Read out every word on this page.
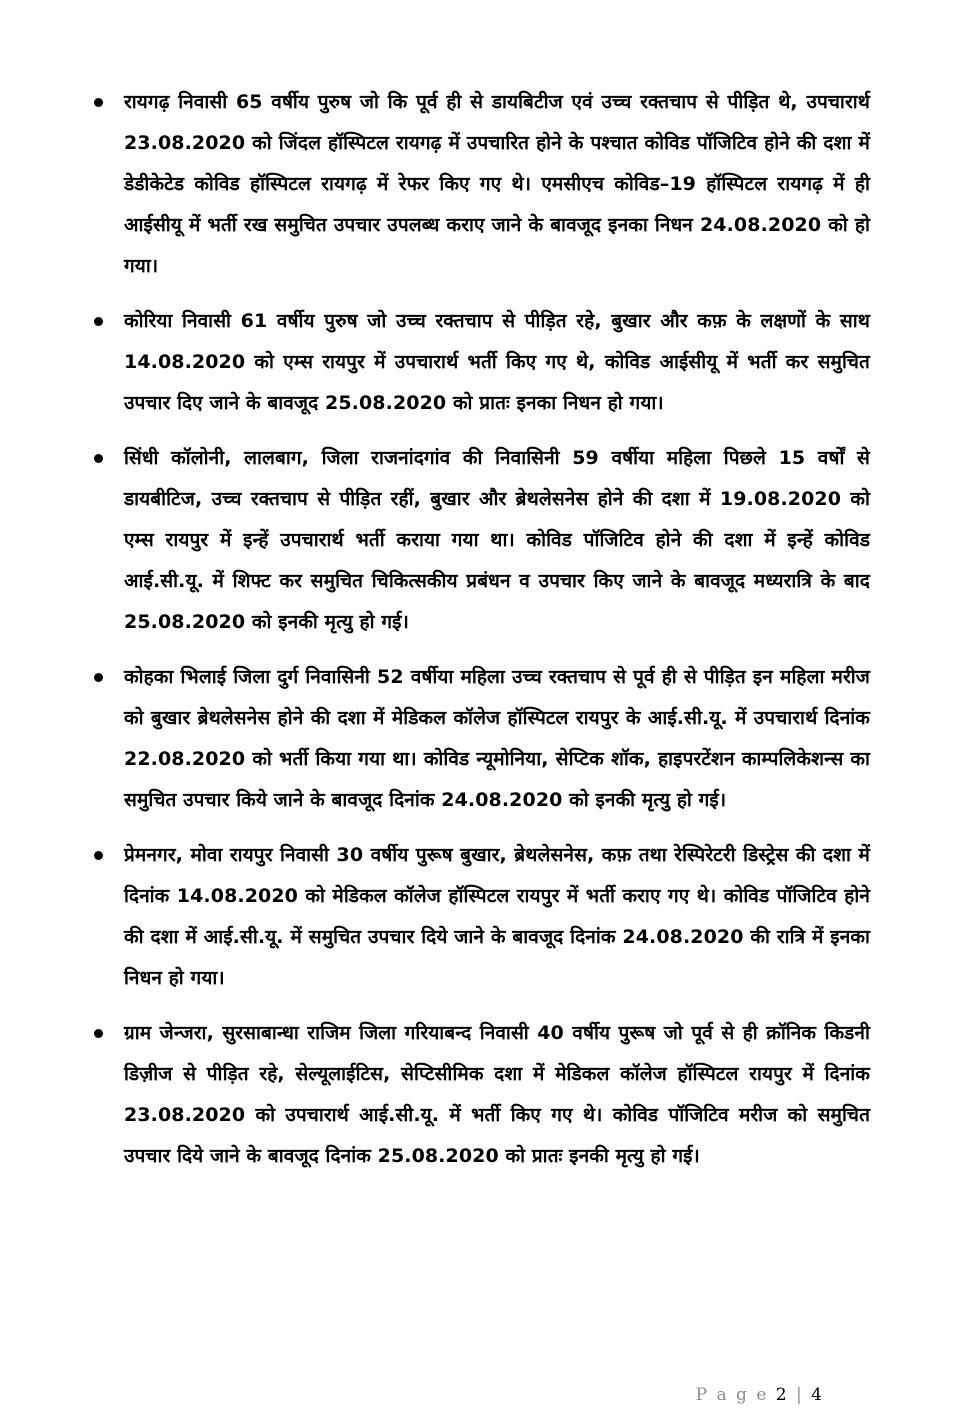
रायगढ़ निवासी 65 वर्षीय पुरुष जो कि पूर्व ही से डायबिटीज एवं उच्च रक्तचाप से पीड़ित थे, उपचारार्थ 23.08.2020 को जिंदल हॉस्पिटल रायगढ़ में उपचारित होने के पश्चात कोविड पॉजिटिव होने की दशा में डेडीकेटेड कोविड हॉस्पिटल रायगढ़ में रेफर किए गए थे। एमसीएच कोविड–19 हॉस्पिटल रायगढ़ में ही आईसीयू में भर्ती रख समुचित उपचार उपलब्ध कराए जाने के बावजूद इनका निधन 24.08.2020 को हो गया।
कोरिया निवासी 61 वर्षीय पुरुष जो उच्च रक्तचाप से पीड़ित रहे, बुखार और कफ़ के लक्षणों के साथ 14.08.2020 को एम्स रायपुर में उपचारार्थ भर्ती किए गए थे, कोविड आईसीयू में भर्ती कर समुचित उपचार दिए जाने के बावजूद 25.08.2020 को प्रातः इनका निधन हो गया।
सिंधी कॉलोनी, लालबाग, जिला राजनांदगांव की निवासिनी 59 वर्षीया महिला पिछले 15 वर्षों से डायबीटिज, उच्च रक्तचाप से पीड़ित रहीं, बुखार और ब्रेथलेसनेस होने की दशा में 19.08.2020 को एम्स रायपुर में इन्हें उपचारार्थ भर्ती कराया गया था। कोविड पॉजिटिव होने की दशा में इन्हें कोविड आई.सी.यू. में शिफ्ट कर समुचित चिकित्सकीय प्रबंधन व उपचार किए जाने के बावजूद मध्यरात्रि के बाद 25.08.2020 को इनकी मृत्यु हो गई।
कोहका भिलाई जिला दुर्ग निवासिनी 52 वर्षीया महिला उच्च रक्तचाप से पूर्व ही से पीड़ित इन महिला मरीज को बुखार ब्रेथलेसनेस होने की दशा में मेडिकल कॉलेज हॉस्पिटल रायपुर के आई.सी.यू. में उपचारार्थ दिनांक 22.08.2020 को भर्ती किया गया था। कोविड न्यूमोनिया, सेप्टिक शॉक, हाइपरटेंशन काम्पलिकेशन्स का समुचित उपचार किये जाने के बावजूद दिनांक 24.08.2020 को इनकी मृत्यु हो गई।
प्रेमनगर, मोवा रायपुर निवासी 30 वर्षीय पुरूष बुखार, ब्रेथलेसनेस, कफ़ तथा रेस्पिरेटरी डिस्ट्रेस की दशा में दिनांक 14.08.2020 को मेडिकल कॉलेज हॉस्पिटल रायपुर में भर्ती कराए गए थे। कोविड पॉजिटिव होने की दशा में आई.सी.यू. में समुचित उपचार दिये जाने के बावजूद दिनांक 24.08.2020 की रात्रि में इनका निधन हो गया।
ग्राम जेन्जरा, सुरसाबान्धा राजिम जिला गरियाबन्द निवासी 40 वर्षीय पुरूष जो पूर्व से ही क्रॉनिक किडनी डिज़ीज से पीड़ित रहे, सेल्यूलाईटिस, सेप्टिसीमिक दशा में मेडिकल कॉलेज हॉस्पिटल रायपुर में दिनांक 23.08.2020 को उपचारार्थ आई.सी.यू. में भर्ती किए गए थे। कोविड पॉजिटिव मरीज को समुचित उपचार दिये जाने के बावजूद दिनांक 25.08.2020 को प्रातः इनकी मृत्यु हो गई।
P a g e 2 | 4
